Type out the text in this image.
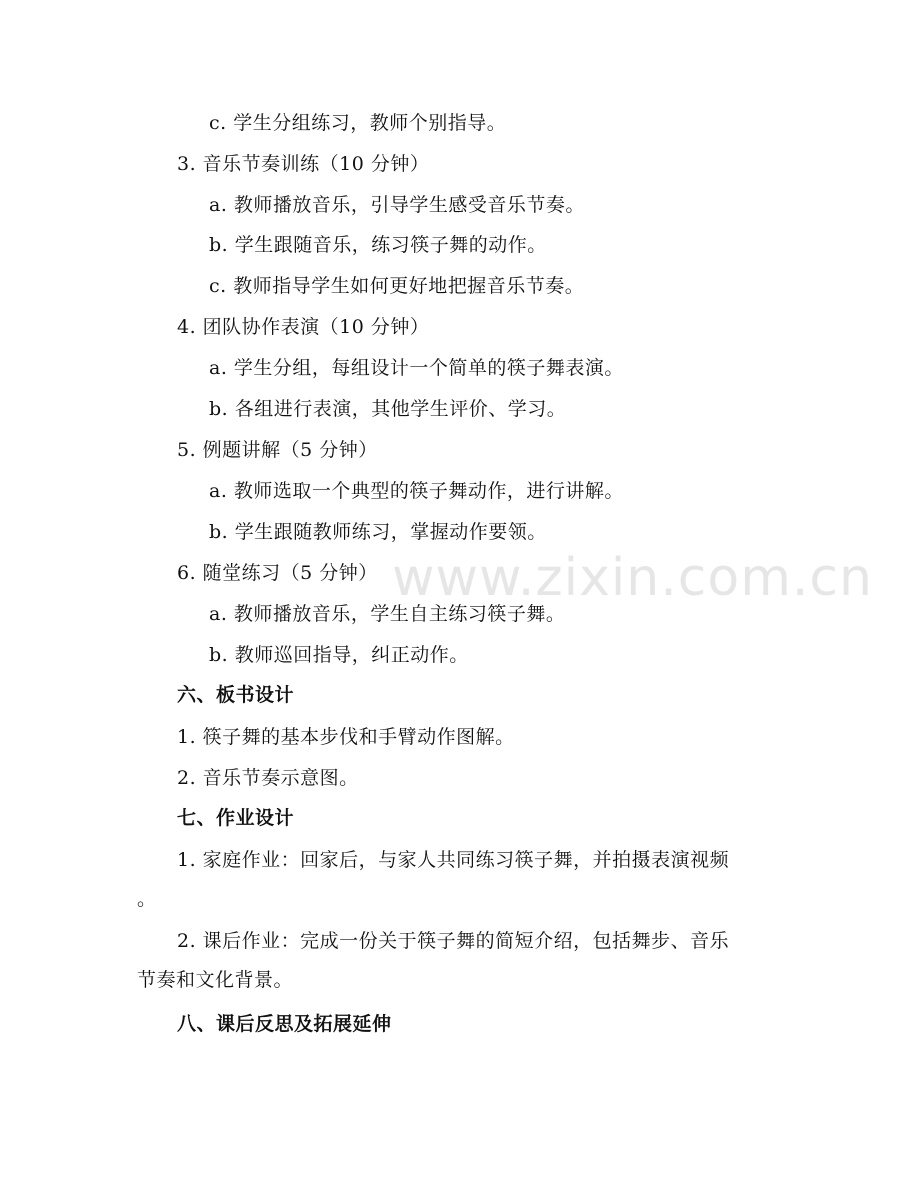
c. 学生分组练习，教师个别指导。
3. 音乐节奏训练（10 分钟）
a. 教师播放音乐，引导学生感受音乐节奏。
b. 学生跟随音乐，练习筷子舞的动作。
c. 教师指导学生如何更好地把握音乐节奏。
4. 团队协作表演（10 分钟）
a. 学生分组，每组设计一个简单的筷子舞表演。
b. 各组进行表演，其他学生评价、学习。
5. 例题讲解（5 分钟）
a. 教师选取一个典型的筷子舞动作，进行讲解。
b. 学生跟随教师练习，掌握动作要领。
6. 随堂练习（5 分钟）
a. 教师播放音乐，学生自主练习筷子舞。
b. 教师巡回指导，纠正动作。
六、板书设计
1. 筷子舞的基本步伐和手臂动作图解。
2. 音乐节奏示意图。
七、作业设计
1. 家庭作业：回家后，与家人共同练习筷子舞，并拍摄表演视频
。
2. 课后作业：完成一份关于筷子舞的简短介绍，包括舞步、音乐
节奏和文化背景。
八、课后反思及拓展延伸
www.zixin.com.cn
